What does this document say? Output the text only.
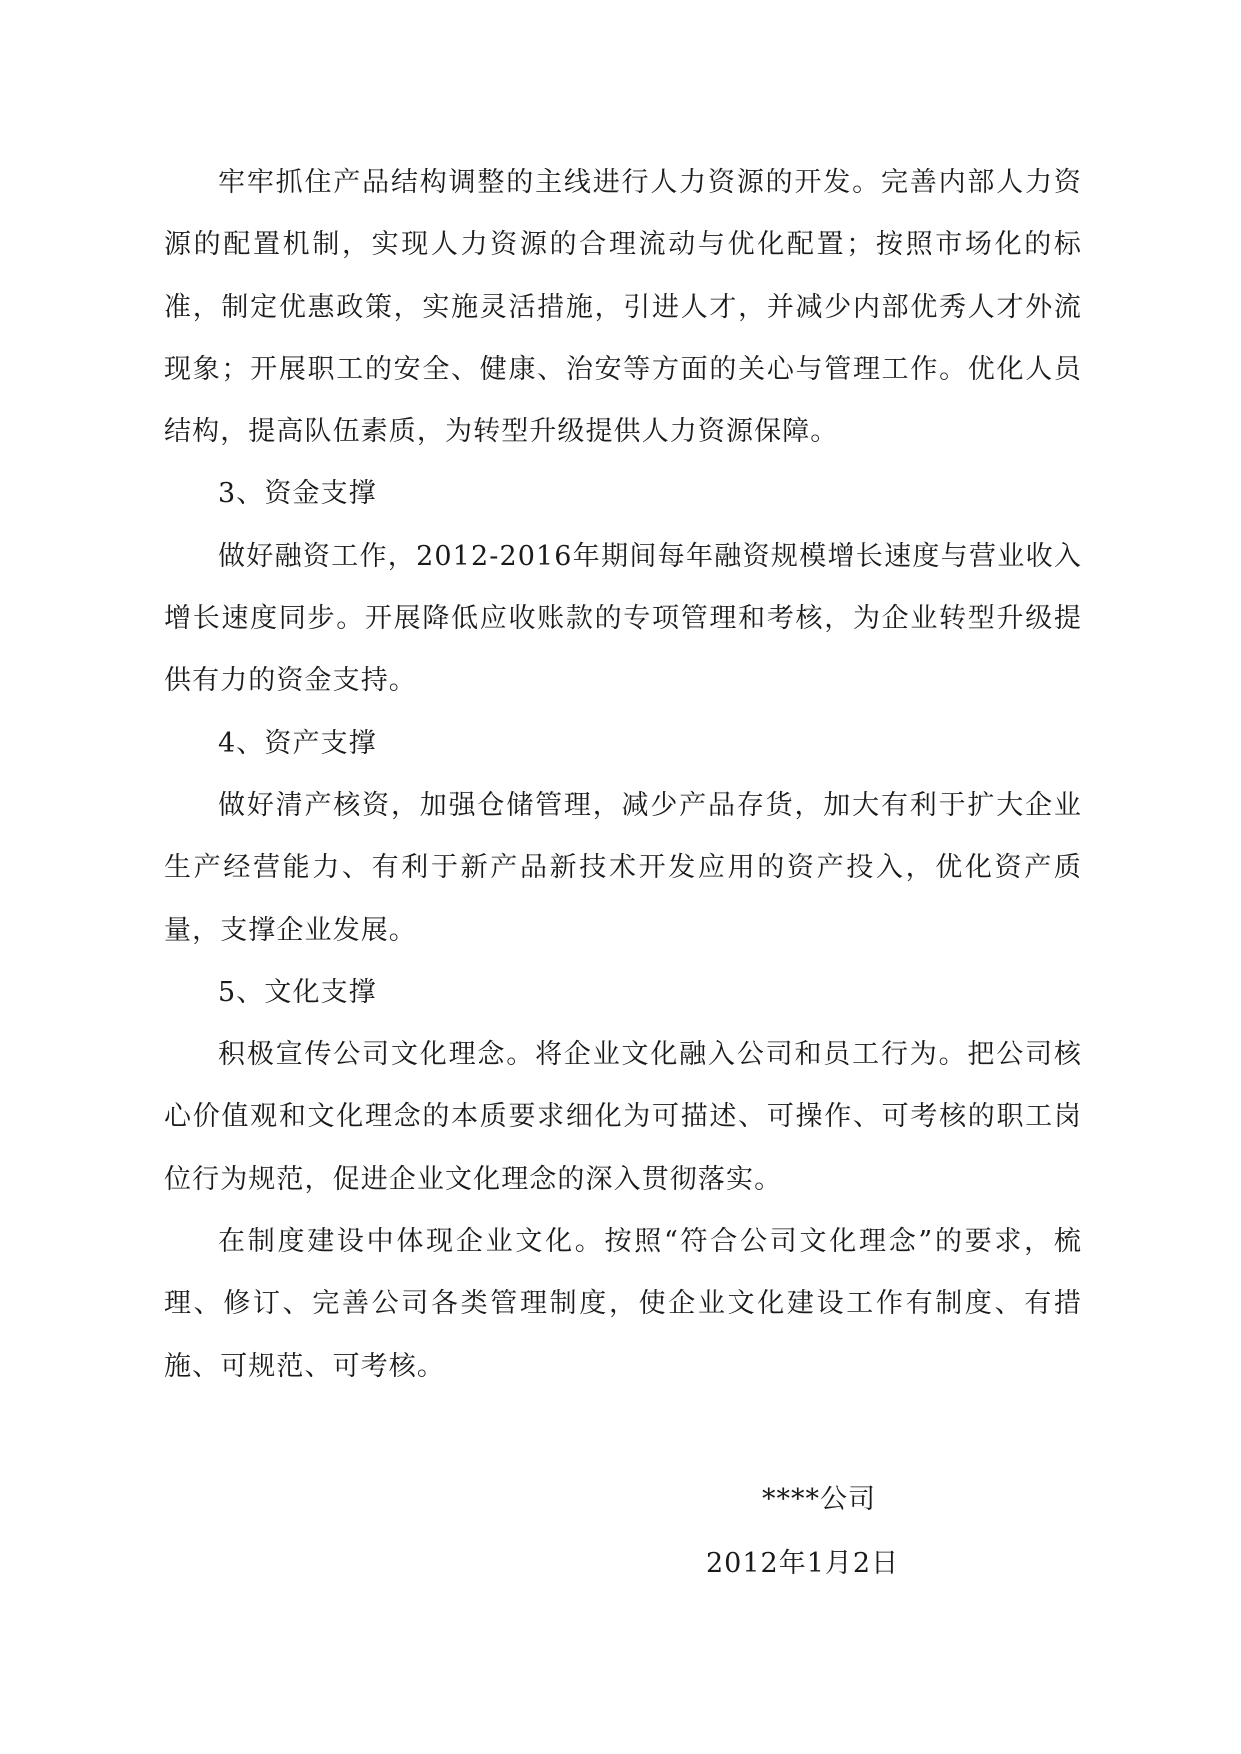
牢牢抓住产品结构调整的主线进行人力资源的开发。完善内部人力资源的配置机制，实现人力资源的合理流动与优化配置；按照市场化的标准，制定优惠政策，实施灵活措施，引进人才，并减少内部优秀人才外流现象；开展职工的安全、健康、治安等方面的关心与管理工作。优化人员结构，提高队伍素质，为转型升级提供人力资源保障。

3、资金支撑

做好融资工作，2012-2016年期间每年融资规模增长速度与营业收入增长速度同步。开展降低应收账款的专项管理和考核，为企业转型升级提供有力的资金支持。

4、资产支撑

做好清产核资，加强仓储管理，减少产品存货，加大有利于扩大企业生产经营能力、有利于新产品新技术开发应用的资产投入，优化资产质量，支撑企业发展。

5、文化支撑

积极宣传公司文化理念。将企业文化融入公司和员工行为。把公司核心价值观和文化理念的本质要求细化为可描述、可操作、可考核的职工岗位行为规范，促进企业文化理念的深入贯彻落实。

在制度建设中体现企业文化。按照“符合公司文化理念”的要求，梳理、修订、完善公司各类管理制度，使企业文化建设工作有制度、有措施、可规范、可考核。

****公司
2012年1月2日
